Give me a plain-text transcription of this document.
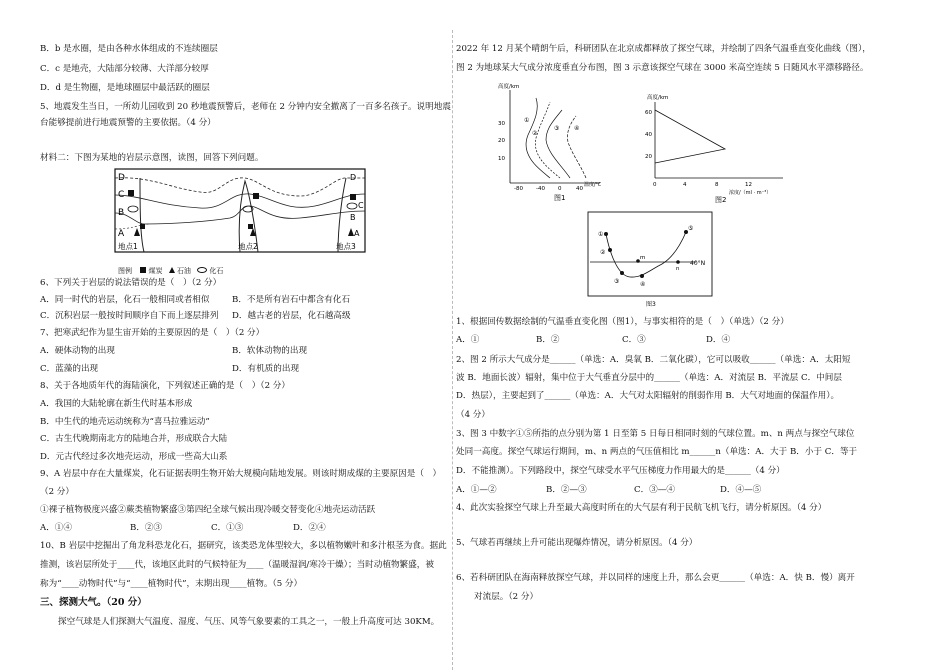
B．b 是水圈，是由各种水体组成的不连续圈层
C．c 是地壳，大陆部分较薄、大洋部分较厚
D．d 是生物圈，是地球圈层中最活跃的圈层
5、地震发生当日，一所幼儿园收到 20 秒地震预警后，老师在 2 分钟内安全撤离了一百多名孩子。说明地震
台能够提前进行地震预警的主要依据。（4 分）
材料二：下图为某地的岩层示意图，读图，回答下列问题。
D
C
B
A
D
C
B
A
地点1	地点2	地点3
图例 煤炭 石油	化石
6、下列关于岩层的说法错误的是（　）（2 分）
A．同一时代的岩层，化石一般相同或者相似	B．不是所有岩石中都含有化石
C．沉积岩层一般按时间顺序自下而上逐层排列 D．越古老的岩层，化石越高级
7、把寒武纪作为显生宙开始的主要原因的是（　）（2 分）
A．硬体动物的出现	B．软体动物的出现
C．蓝藻的出现	D．有机质的出现
8、关于各地质年代的海陆演化，下列叙述正确的是（　）（2 分）
A．我国的大陆轮廓在新生代时基本形成
B．中生代的地壳运动统称为“喜马拉雅运动”
C．古生代晚期南北方的陆地合并，形成联合大陆
D．元古代经过多次地壳运动，形成一些高大山系
9、A 岩层中存在大量煤炭，化石证据表明生物开始大规模向陆地发展。则该时期成煤的主要原因是（　）
（2 分）
①裸子植物极度兴盛②蕨类植物繁盛③第四纪全球气候出现冷暖交替变化④地壳运动活跃
A．①④	B．②③	C．①③	D．②④
10、B 岩层中挖掘出了角龙科恐龙化石，据研究，该类恐龙体型较大，多以植物嫩叶和多汁根茎为食。据此
推测，该岩层所处于____代，该地区此时的气候特征为____（温暖湿润/寒冷干燥）；当时动植物繁盛，被
称为“____动物时代”与“____植物时代”，末期出现____植物。（5 分）
三、探测大气。（20 分）
探空气球是人们探测大气温度、湿度、气压、风等气象要素的工具之一，一般上升高度可达 30KM。
2022 年 12 月某个晴朗午后，科研团队在北京成都释放了探空气球，并绘制了四条气温垂直变化曲线（图），
图 2 为地球某大气成分浓度垂直分布图，图 3 示意该探空气球在 3000 米高空连续 5 日随风水平漂移路径。
高度/km
30
20
10
-80 -40 0	40
温度/℃
①
②
③ ④
图1
高度/km
60
40
20
0	4	8	12
浓度/（ml · m⁻³）
图2
40°N
①
②
③	④
⑤
m
n
图3
1、根据回传数据绘制的气温垂直变化图（图1），与事实相符的是（　）（单选）（2 分）
A．①	B．②	C．③	D．④
2、图 2 所示大气成分是______（单选：A．臭氧 B．二氧化碳），它可以吸收______（单选：A．太阳短
波 B．地面长波）辐射，集中位于大气垂直分层中的______（单选：A．对流层 B．平流层 C．中间层
D．热层），主要起到了______（单选：A．大气对太阳辐射的削弱作用 B．大气对地面的保温作用）。
（4 分）
3、图 3 中数字①⑤所指的点分别为第 1 日至第 5 日每日相同时刻的气球位置。m、n 两点与探空气球位
处同一高度。探空气球运行期间，m、n 两点的气压值相比 m______n（单选：A．大于 B．小于 C．等于
D．不能推测）。下列路段中，探空气球受水平气压梯度力作用最大的是______（4 分）
A．①—②	B．②—③	C．③—④	D．④—⑤
4、此次实验探空气球上升至最大高度时所在的大气层有利于民航飞机飞行，请分析原因。（4 分）
5、气球若再继续上升可能出现爆炸情况，请分析原因。（4 分）
6、若科研团队在海南释放探空气球，并以同样的速度上升，那么会更______（单选：A．快 B．慢）离开
对流层。（2 分）
